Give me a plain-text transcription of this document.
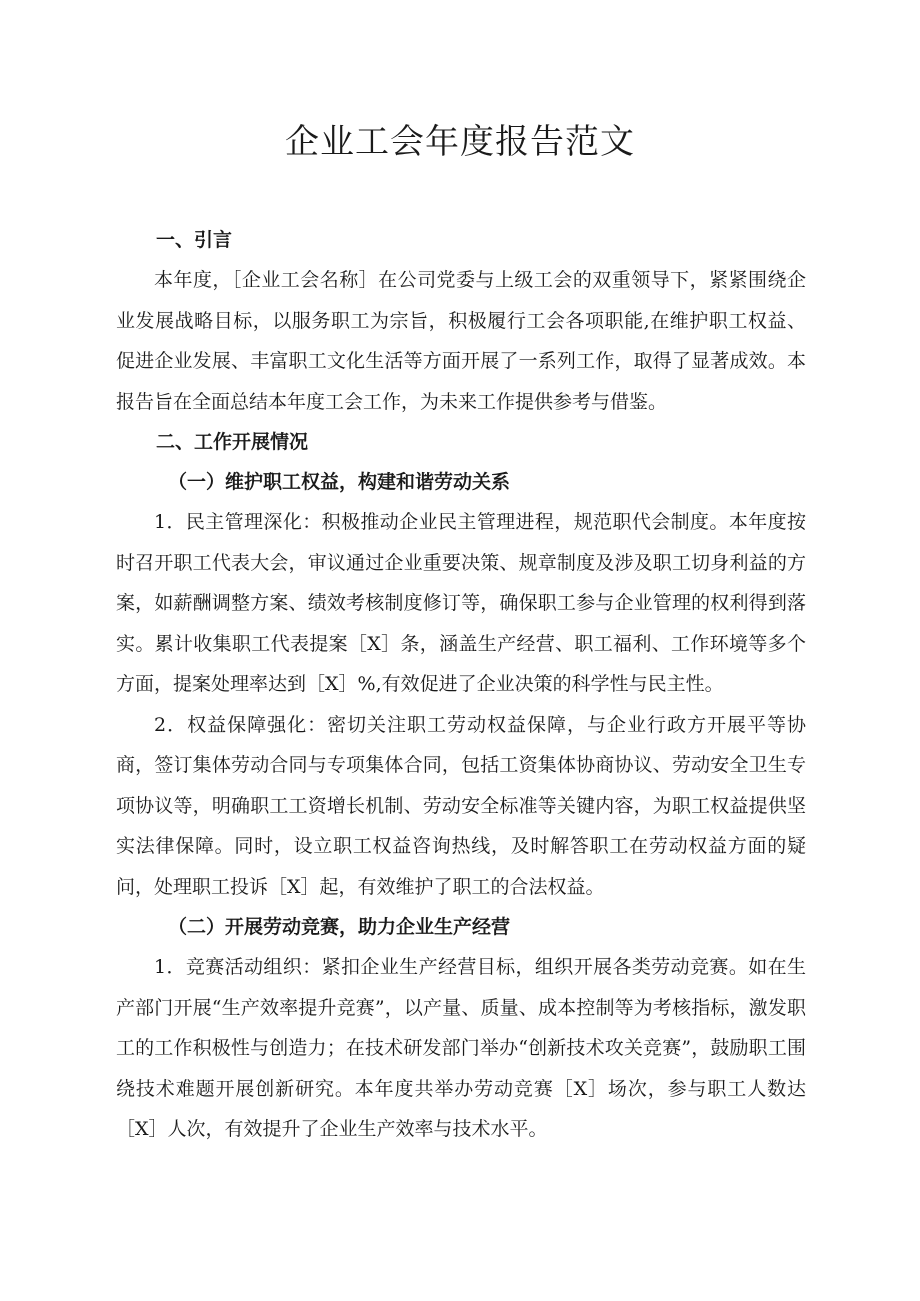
企业工会年度报告范文
一、引言

本年度，［企业工会名称］在公司党委与上级工会的双重领导下，紧紧围绕企业发展战略目标，以服务职工为宗旨，积极履行工会各项职能,在维护职工权益、促进企业发展、丰富职工文化生活等方面开展了一系列工作，取得了显著成效。本报告旨在全面总结本年度工会工作，为未来工作提供参考与借鉴。

二、工作开展情况
（一）维护职工权益，构建和谐劳动关系

1．民主管理深化：积极推动企业民主管理进程，规范职代会制度。本年度按时召开职工代表大会，审议通过企业重要决策、规章制度及涉及职工切身利益的方案，如薪酬调整方案、绩效考核制度修订等，确保职工参与企业管理的权利得到落实。累计收集职工代表提案［X］条，涵盖生产经营、职工福利、工作环境等多个方面，提案处理率达到［X］%,有效促进了企业决策的科学性与民主性。

2．权益保障强化：密切关注职工劳动权益保障，与企业行政方开展平等协商，签订集体劳动合同与专项集体合同，包括工资集体协商协议、劳动安全卫生专项协议等，明确职工工资增长机制、劳动安全标准等关键内容，为职工权益提供坚实法律保障。同时，设立职工权益咨询热线，及时解答职工在劳动权益方面的疑问，处理职工投诉［X］起，有效维护了职工的合法权益。

（二）开展劳动竞赛，助力企业生产经营

1．竞赛活动组织：紧扣企业生产经营目标，组织开展各类劳动竞赛。如在生产部门开展“生产效率提升竞赛”，以产量、质量、成本控制等为考核指标，激发职工的工作积极性与创造力；在技术研发部门举办“创新技术攻关竞赛”，鼓励职工围绕技术难题开展创新研究。本年度共举办劳动竞赛［X］场次，参与职工人数达［X］人次，有效提升了企业生产效率与技术水平。
